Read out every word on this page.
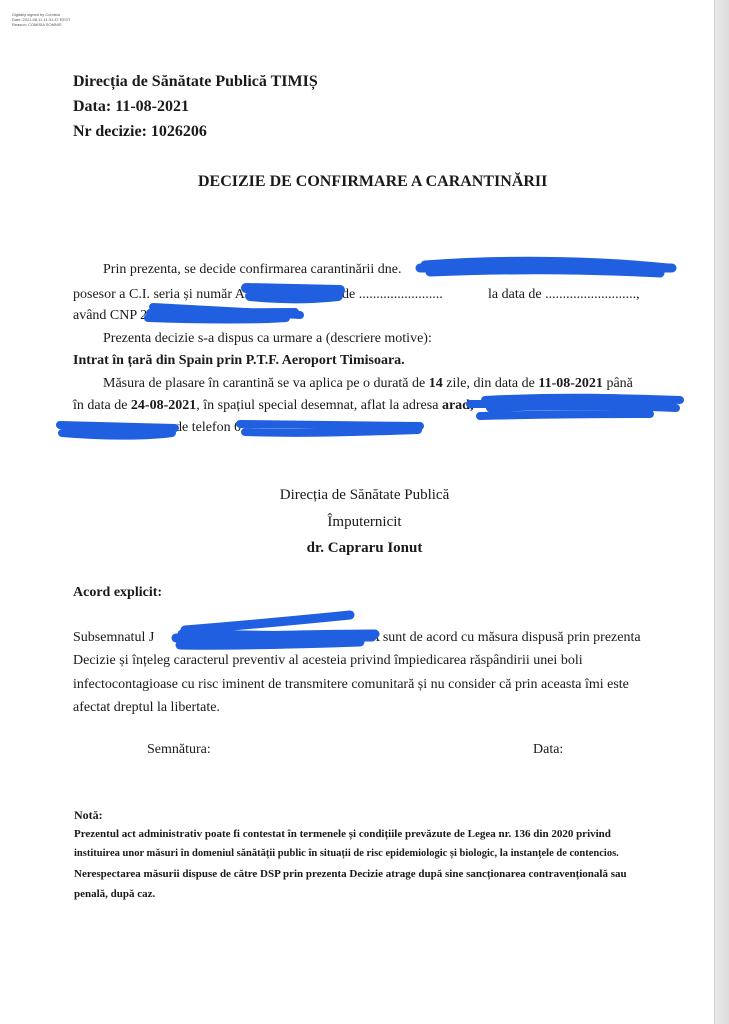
Digitally signed by Comisia
Date: 2021.08.11 11:31:47 EEST
Reason: COMISIA SOMNIS
Direcția de Sănătate Publică TIMIȘ
Data: 11-08-2021
Nr decizie: 1026206
DECIZIE DE CONFIRMARE A CARANTINĂRII
Prin prezenta, se decide confirmarea carantinării dne.
posesor a C.I. seria și număr A	de ........................	la data de ..........................,
având CNP 2
Prezenta decizie s-a dispus ca urmare a (descriere motive):
Intrat în țară din Spain prin P.T.F. Aeroport Timisoara.
Măsura de plasare în carantină se va aplica pe o durată de 14 zile, din data de 11-08-2021 până
în data de 24-08-2021, în spațiul special desemnat, aflat la adresa arad,
de telefon 0
Direcția de Sănătate Publică
Împuternicit
dr. Capraru Ionut
Acord explicit:
Subsemnatul J	A sunt de acord cu măsura dispusă prin prezenta
Decizie și înțeleg caracterul preventiv al acesteia privind împiedicarea răspândirii unei boli
infectocontagioase cu risc iminent de transmitere comunitară și nu consider că prin aceasta îmi este
afectat dreptul la libertate.
Semnătura:	Data:
Notă:
Prezentul act administrativ poate fi contestat în termenele și condițiile prevăzute de Legea nr. 136 din 2020 privind
instituirea unor măsuri în domeniul sănătății public în situații de risc epidemiologic și biologic, la instanțele de contencios.
Nerespectarea măsurii dispuse de către DSP prin prezenta Decizie atrage după sine sancționarea contravențională sau
penală, după caz.
